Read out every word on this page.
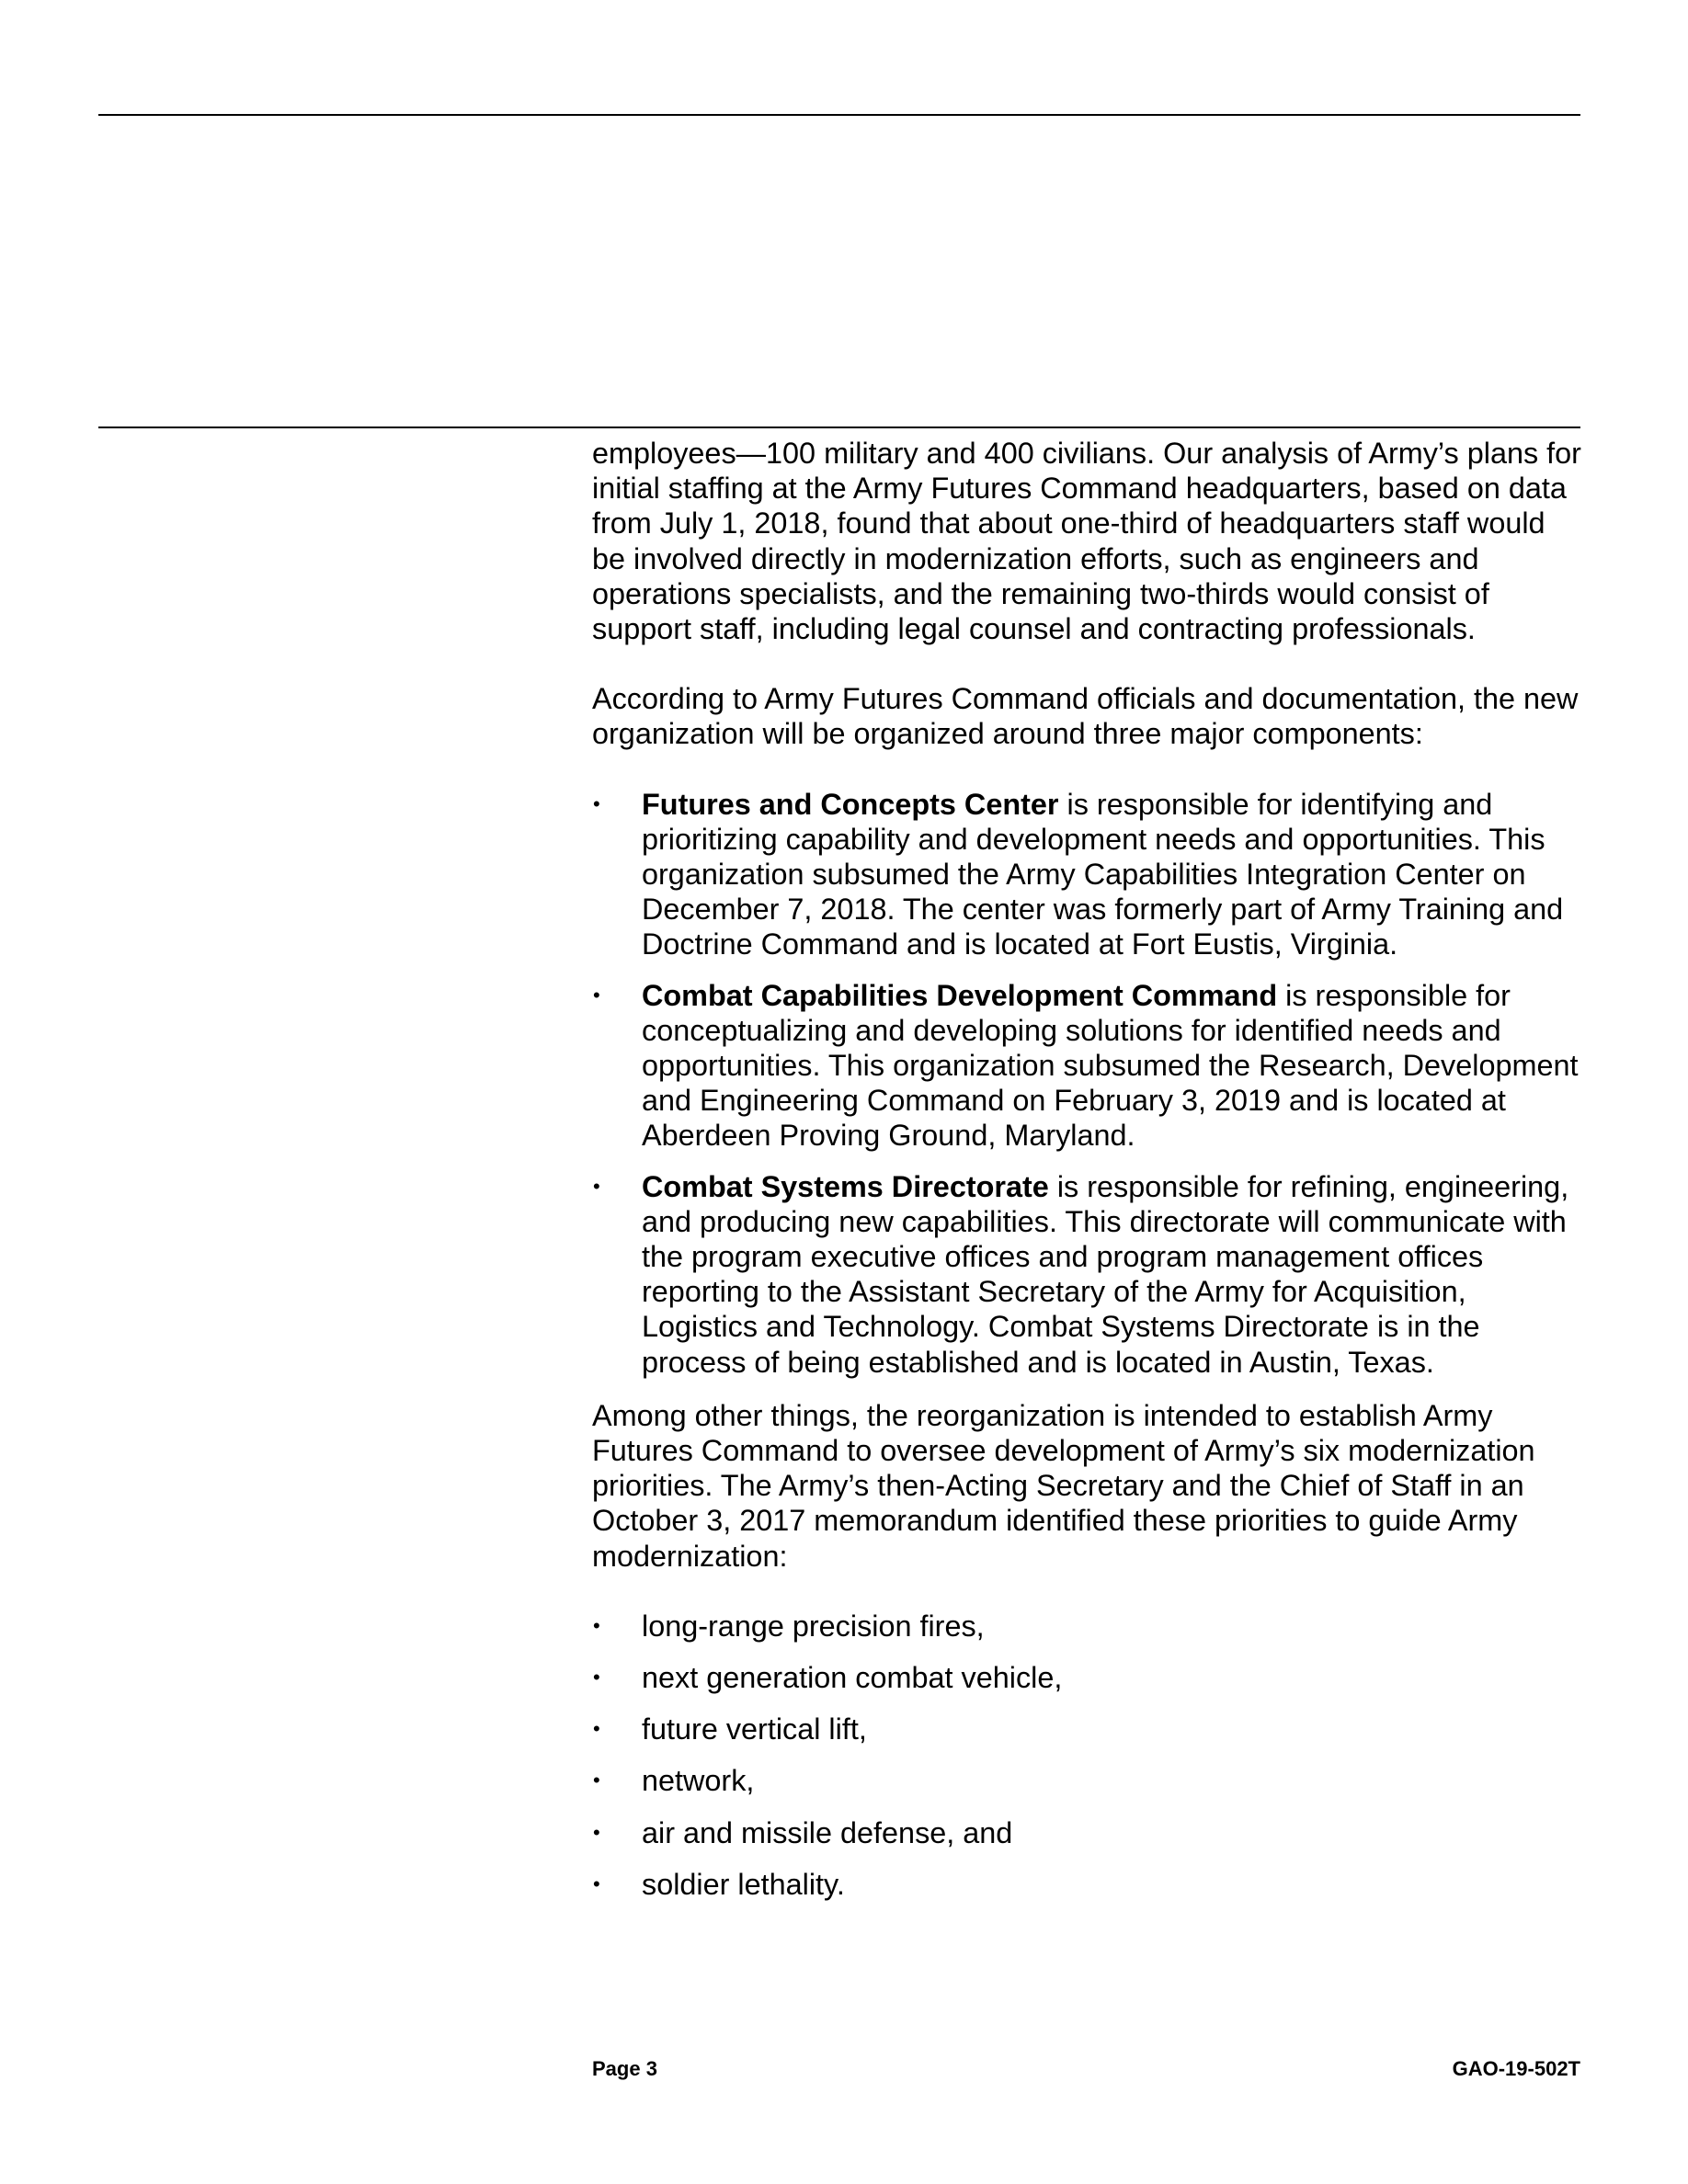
employees—100 military and 400 civilians. Our analysis of Army’s plans for initial staffing at the Army Futures Command headquarters, based on data from July 1, 2018, found that about one-third of headquarters staff would be involved directly in modernization efforts, such as engineers and operations specialists, and the remaining two-thirds would consist of support staff, including legal counsel and contracting professionals.

According to Army Futures Command officials and documentation, the new organization will be organized around three major components:

• Futures and Concepts Center is responsible for identifying and prioritizing capability and development needs and opportunities. This organization subsumed the Army Capabilities Integration Center on December 7, 2018. The center was formerly part of Army Training and Doctrine Command and is located at Fort Eustis, Virginia.
• Combat Capabilities Development Command is responsible for conceptualizing and developing solutions for identified needs and opportunities. This organization subsumed the Research, Development and Engineering Command on February 3, 2019 and is located at Aberdeen Proving Ground, Maryland.
• Combat Systems Directorate is responsible for refining, engineering, and producing new capabilities. This directorate will communicate with the program executive offices and program management offices reporting to the Assistant Secretary of the Army for Acquisition, Logistics and Technology. Combat Systems Directorate is in the process of being established and is located in Austin, Texas.

Among other things, the reorganization is intended to establish Army Futures Command to oversee development of Army’s six modernization priorities. The Army’s then-Acting Secretary and the Chief of Staff in an October 3, 2017 memorandum identified these priorities to guide Army modernization:

• long-range precision fires,
• next generation combat vehicle,
• future vertical lift,
• network,
• air and missile defense, and
• soldier lethality.
Page 3	GAO-19-502T
